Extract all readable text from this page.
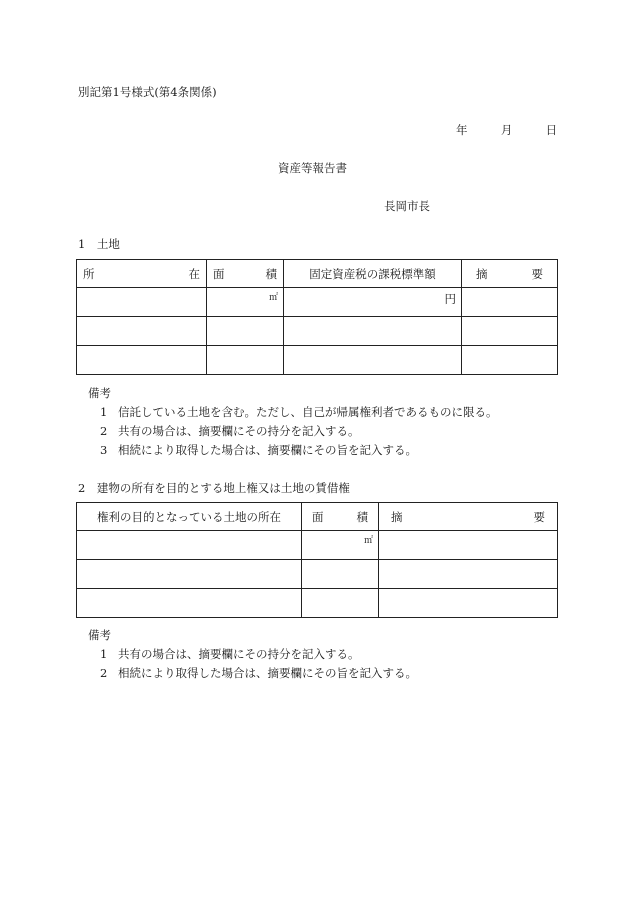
別記第1号様式(第4条関係)
年	月	日
資産等報告書
長岡市長
1　土地
所 在	面 積	固定資産税の課税標準額	摘 要

	㎡	円	

備考
1 信託している土地を含む。ただし、自己が帰属権利者であるものに限る。
2 共有の場合は、摘要欄にその持分を記入する。
3 相続により取得した場合は、摘要欄にその旨を記入する。
2　建物の所有を目的とする地上権又は土地の賃借権
権利の目的となっている土地の所在	面 積	摘 要

	㎡	

備考
1 共有の場合は、摘要欄にその持分を記入する。
2 相続により取得した場合は、摘要欄にその旨を記入する。
